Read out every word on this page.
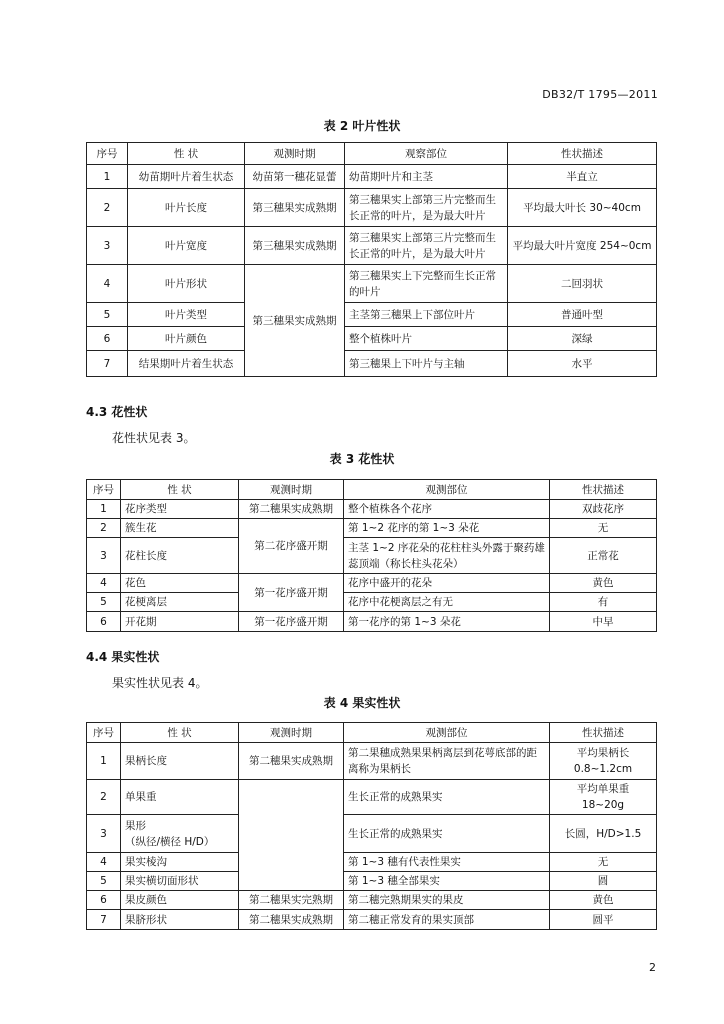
DB32/T 1795—2011
表 2 叶片性状
序号	性 状	观测时期	观察部位	性状描述
1	幼苗期叶片着生状态	幼苗第一穗花显蕾	幼苗期叶片和主茎	半直立
2	叶片长度	第三穗果实成熟期	第三穗果实上部第三片完整而生长正常的叶片，是为最大叶片	平均最大叶长 30~40cm
3	叶片宽度	第三穗果实成熟期	第三穗果实上部第三片完整而生长正常的叶片，是为最大叶片	平均最大叶片宽度 254~0cm
4	叶片形状	第三穗果实成熟期	第三穗果实上下完整而生长正常的叶片	二回羽状
5	叶片类型		主茎第三穗果上下部位叶片	普通叶型
6	叶片颜色		整个植株叶片	深绿
7	结果期叶片着生状态		第三穗果上下叶片与主轴	水平
4.3 花性状
花性状见表 3。
表 3 花性状
序号	性 状	观测时期	观测部位	性状描述
1	花序类型	第二穗果实成熟期	整个植株各个花序	双歧花序
2	簇生花	第二花序盛开期	第 1~2 花序的第 1~3 朵花	无
3	花柱长度		主茎 1~2 序花朵的花柱柱头外露于聚药雄蕊顶端（称长柱头花朵）	正常花
4	花色	第一花序盛开期	花序中盛开的花朵	黄色
5	花梗离层		花序中花梗离层之有无	有
6	开花期	第一花序盛开期	第一花序的第 1~3 朵花	中早
4.4 果实性状
果实性状见表 4。
表 4 果实性状
序号	性 状	观测时期	观测部位	性状描述
1	果柄长度	第二穗果实成熟期	第二果穗成熟果果柄离层到花萼底部的距离称为果柄长	平均果柄长 0.8~1.2cm
2	单果重		生长正常的成熟果实	平均单果重 18~20g
3	果形
（纵径/横径 H/D）		生长正常的成熟果实	长圆，H/D>1.5
4	果实棱沟		第 1~3 穗有代表性果实	无
5	果实横切面形状		第 1~3 穗全部果实	圆
6	果皮颜色	第二穗果实完熟期	第二穗完熟期果实的果皮	黄色
7	果脐形状	第二穗果实成熟期	第二穗正常发育的果实顶部	圆平
2
